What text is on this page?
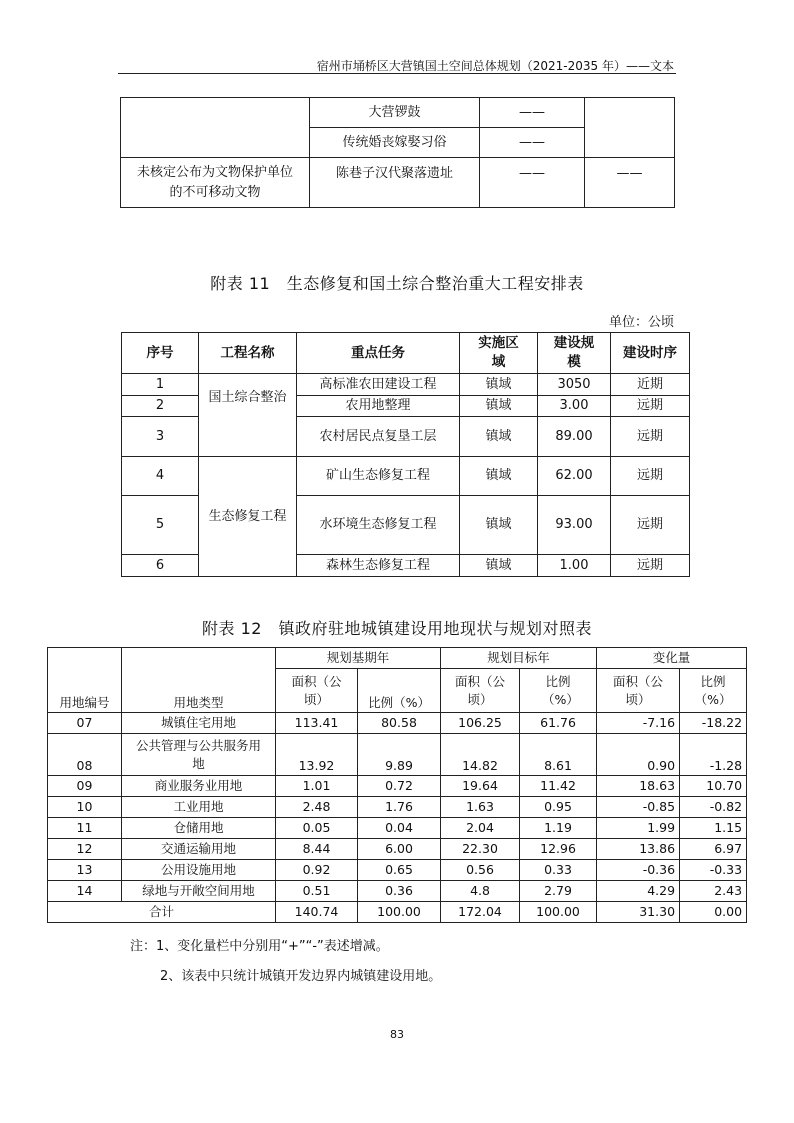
宿州市埇桥区大营镇国土空间总体规划（2021-2035 年）——文本
	大营锣鼓	——	
	传统婚丧嫁娶习俗	——	
未核定公布为文物保护单位的不可移动文物	陈巷子汉代聚落遗址	——	——
附表 11　生态修复和国土综合整治重大工程安排表
单位：公顷
序号	工程名称	重点任务	实施区域	建设规模	建设时序
1	国土综合整治	高标准农田建设工程	镇域	3050	近期
2		农用地整理	镇域	3.00	远期
3		农村居民点复垦工层	镇域	89.00	远期
4	生态修复工程	矿山生态修复工程	镇域	62.00	远期
5		水环境生态修复工程	镇域	93.00	远期
6		森林生态修复工程	镇域	1.00	远期
附表 12　镇政府驻地城镇建设用地现状与规划对照表
用地编号	用地类型	规划基期年		规划目标年		变化量	
		面积（公顷）	比例（%）	面积（公顷）	比例（%）	面积（公顷）	比例（%）
07	城镇住宅用地	113.41	80.58	106.25	61.76	-7.16	-18.22
08	公共管理与公共服务用地	13.92	9.89	14.82	8.61	0.90	-1.28
09	商业服务业用地	1.01	0.72	19.64	11.42	18.63	10.70
10	工业用地	2.48	1.76	1.63	0.95	-0.85	-0.82
11	仓储用地	0.05	0.04	2.04	1.19	1.99	1.15
12	交通运输用地	8.44	6.00	22.30	12.96	13.86	6.97
13	公用设施用地	0.92	0.65	0.56	0.33	-0.36	-0.33
14	绿地与开敞空间用地	0.51	0.36	4.8	2.79	4.29	2.43
合计		140.74	100.00	172.04	100.00	31.30	0.00
注：1、变化量栏中分别用“+”“-”表述增减。
2、该表中只统计城镇开发边界内城镇建设用地。
83
